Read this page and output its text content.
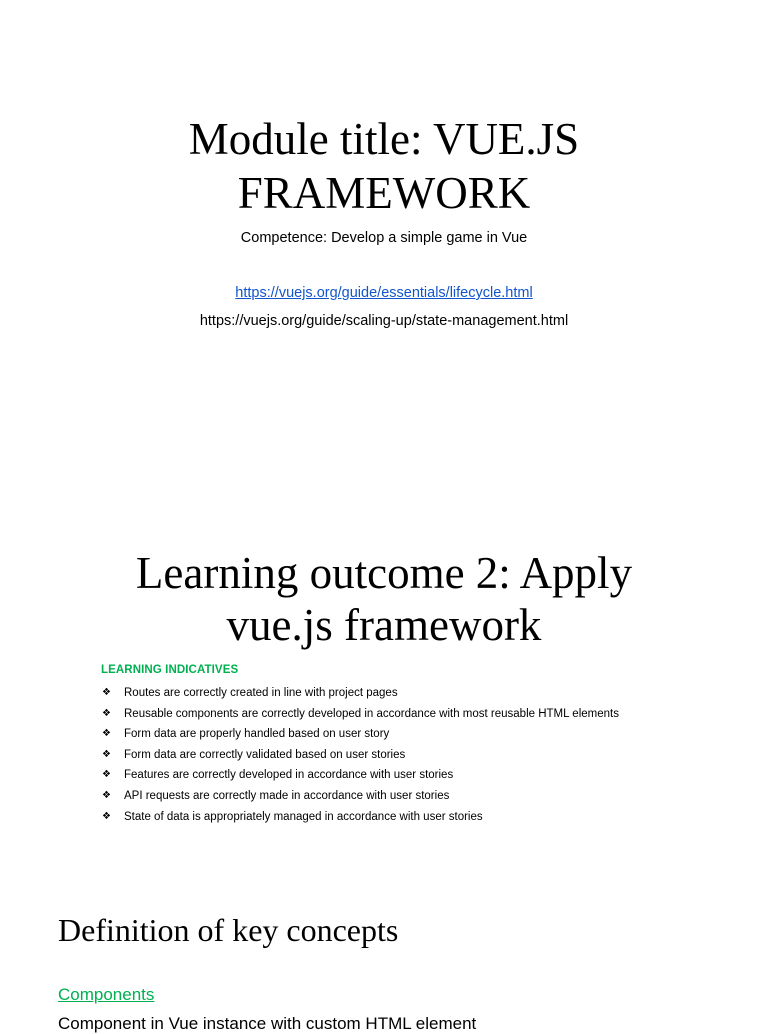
Module title: VUE.JS
FRAMEWORK
Competence: Develop a simple game in Vue
https://vuejs.org/guide/essentials/lifecycle.html
https://vuejs.org/guide/scaling-up/state-management.html
Learning outcome 2: Apply
vue.js framework
LEARNING INDICATIVES
❖	Routes are correctly created in line with project pages
❖	Reusable components are correctly developed in accordance with most reusable HTML elements
❖	Form data are properly handled based on user story
❖	Form data are correctly validated based on user stories
❖	Features are correctly developed in accordance with user stories
❖	API requests are correctly made in accordance with user stories
❖	State of data is appropriately managed in accordance with user stories
Definition of key concepts
Components
Component in Vue instance with custom HTML element
